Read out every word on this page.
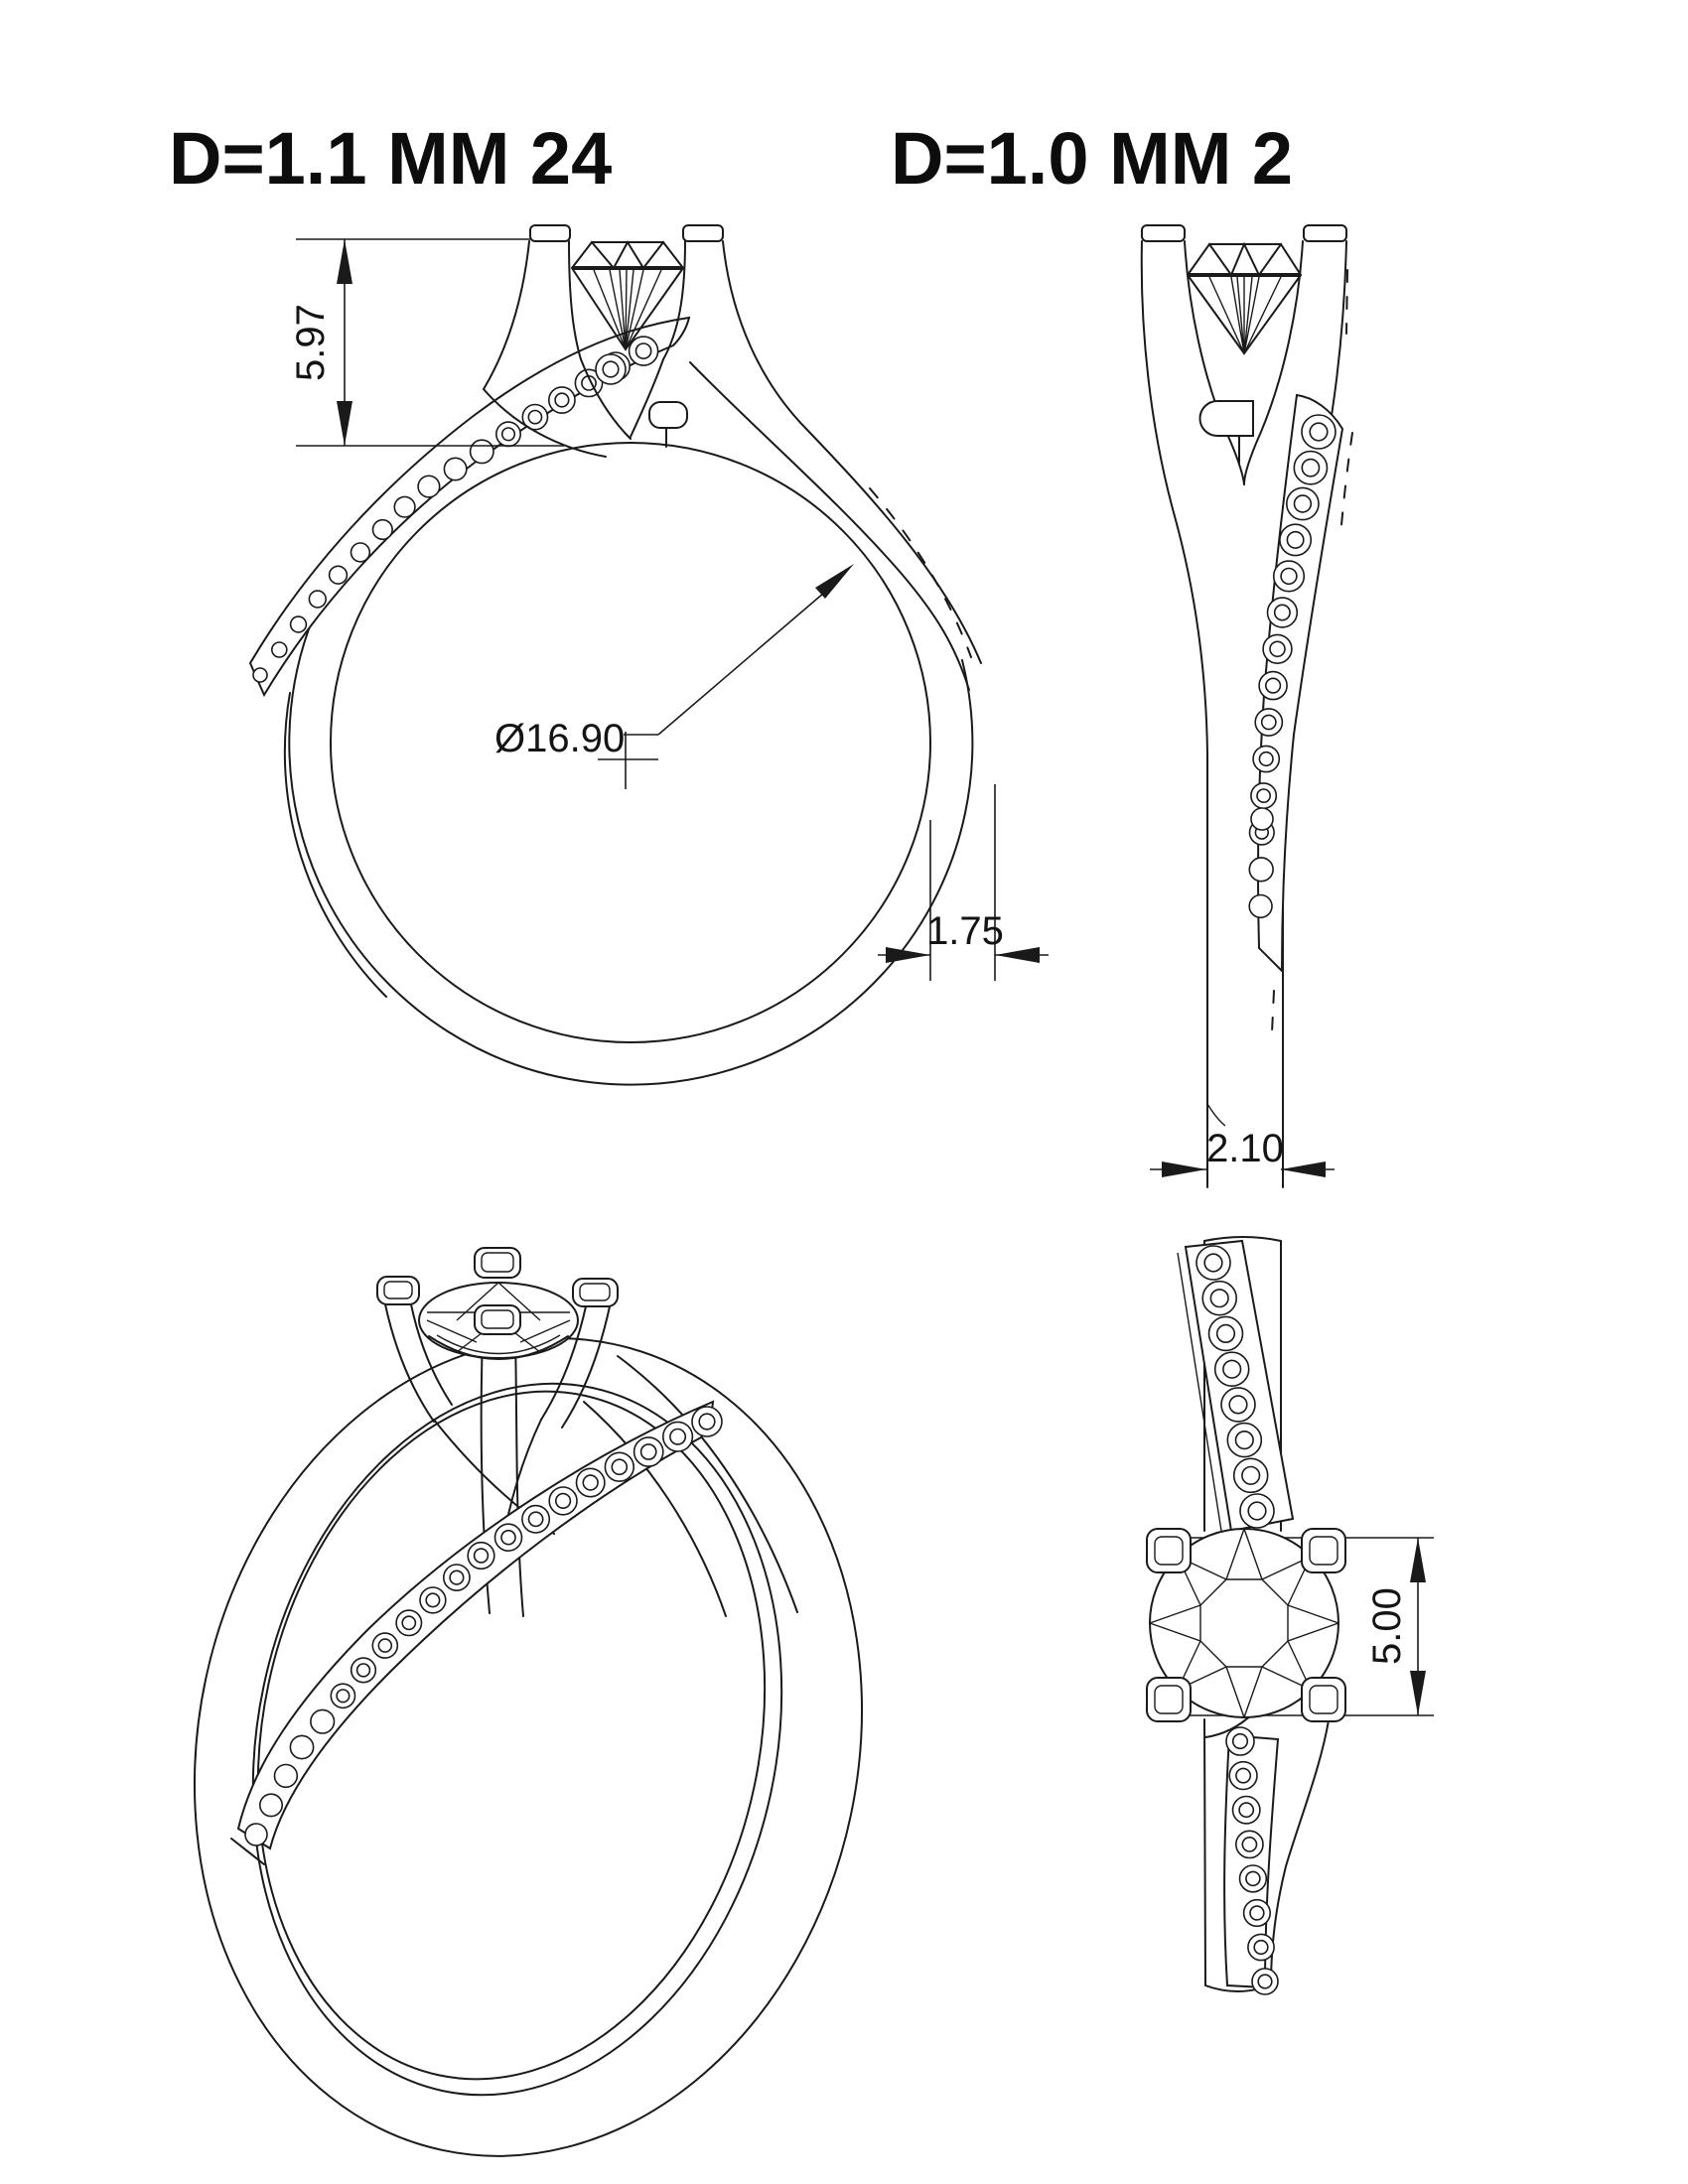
D=1.1 MM 24	D=1.0 MM 2
5.97
Ø16.90
1.75
2.10
5.00
